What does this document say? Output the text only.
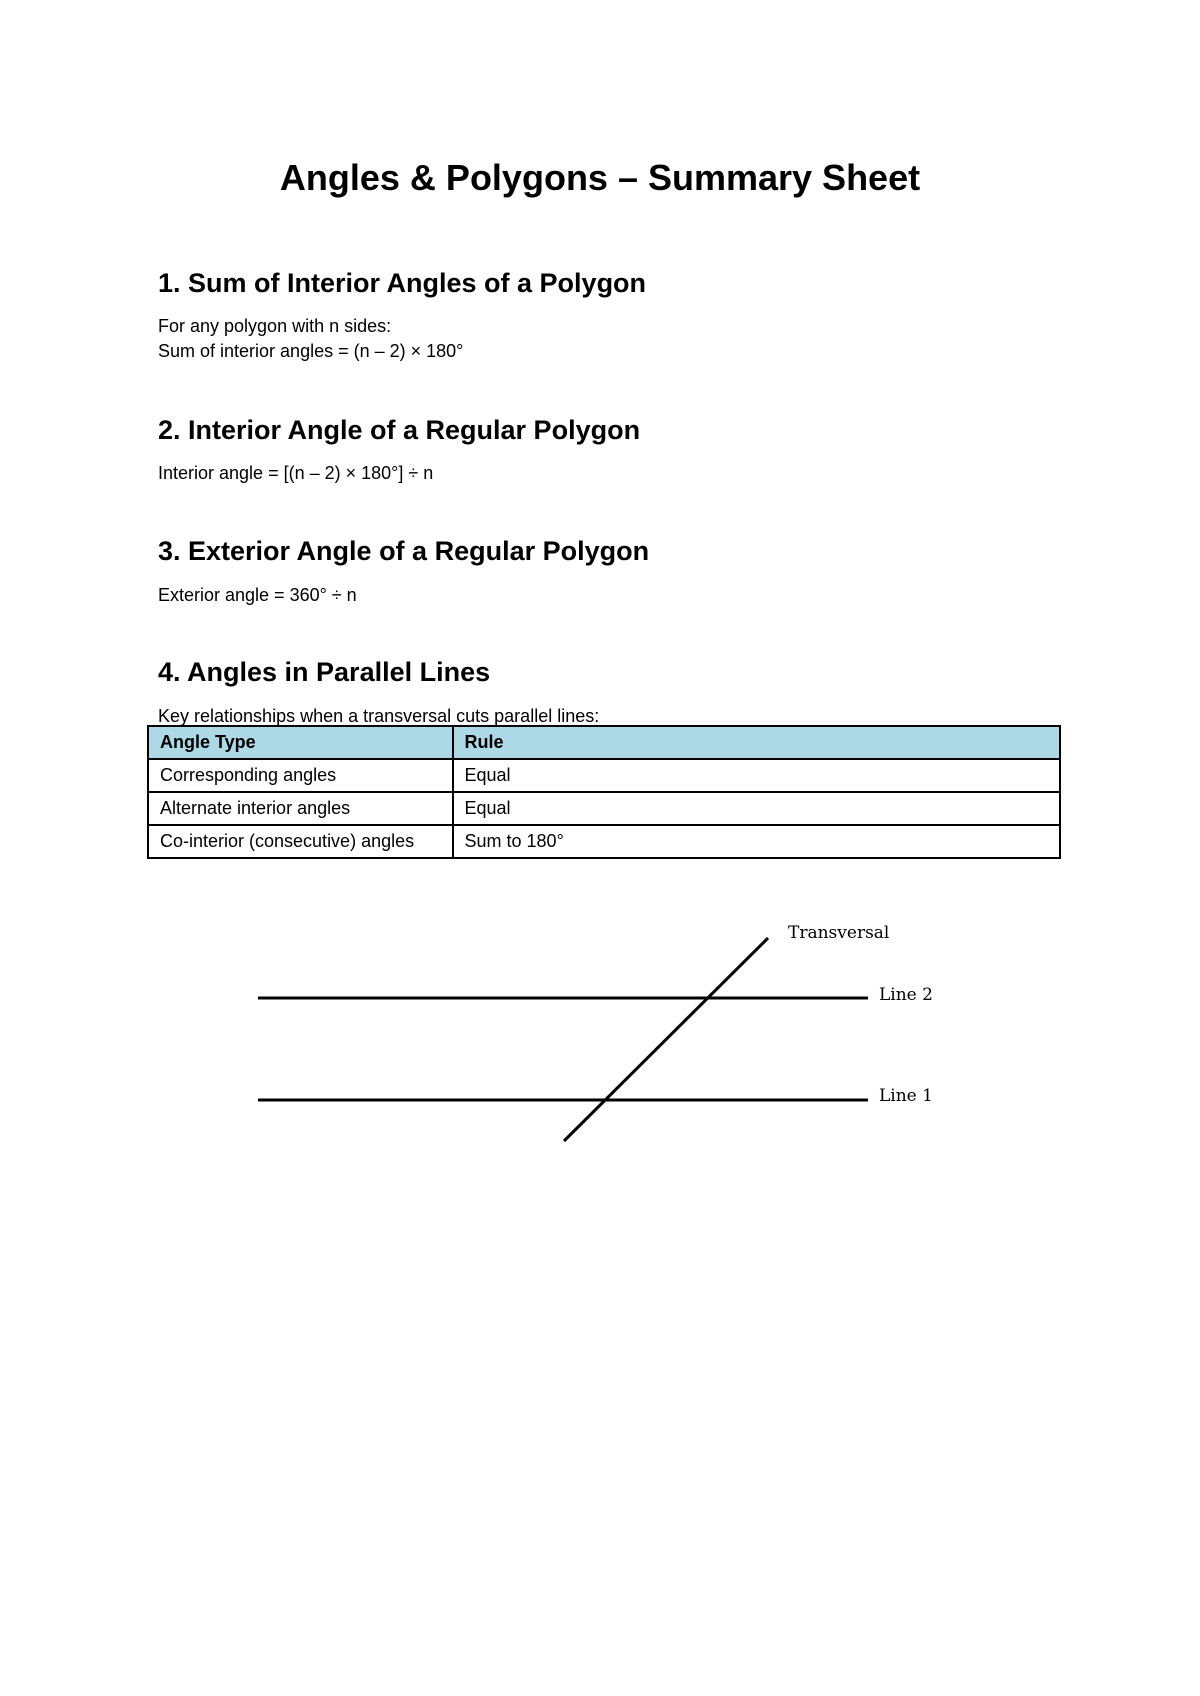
Angles & Polygons – Summary Sheet
1. Sum of Interior Angles of a Polygon

For any polygon with n sides:

Sum of interior angles = (n – 2) × 180°

2. Interior Angle of a Regular Polygon

Interior angle = [(n – 2) × 180°] ÷ n

3. Exterior Angle of a Regular Polygon

Exterior angle = 360° ÷ n

4. Angles in Parallel Lines

Key relationships when a transversal cuts parallel lines:

Angle Type	Rule
Corresponding angles	Equal
Alternate interior angles	Equal
Co-interior (consecutive) angles	Sum to 180°
Transversal
Line 2
Line 1
